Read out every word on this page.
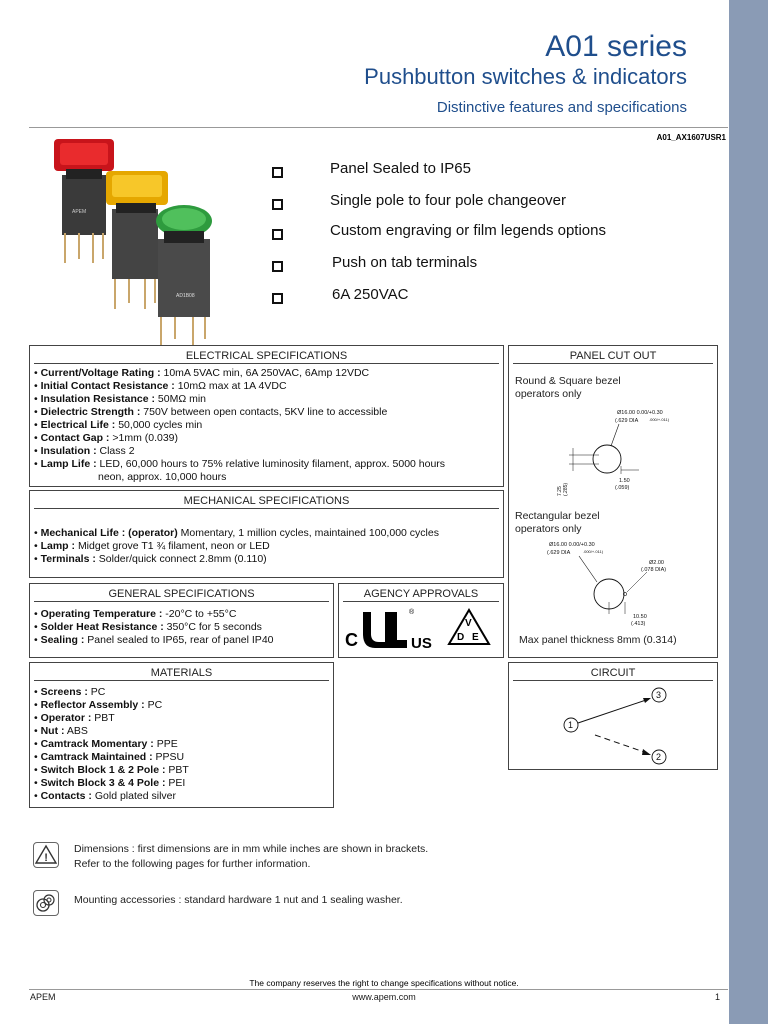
A01 series
Pushbutton switches & indicators
Distinctive features and specifications
A01_AX1607USR1
APEM
AD1B08
Panel Sealed to IP65
Single pole to four pole changeover
Custom engraving or film legends options
Push on tab terminals
6A 250VAC
ELECTRICAL SPECIFICATIONS
• Current/Voltage Rating : 10mA 5VAC min, 6A 250VAC, 6Amp 12VDC
• Initial Contact Resistance : 10mΩ max at 1A 4VDC
• Insulation Resistance : 50MΩ min
• Dielectric Strength : 750V between open contacts, 5KV line to accessible
• Electrical Life : 50,000 cycles min
• Contact Gap : >1mm (0.039)
• Insulation : Class 2
• Lamp Life : LED, 60,000 hours to 75% relative luminosity filament, approx. 5000 hours
neon, approx. 10,000 hours
MECHANICAL SPECIFICATIONS
• Mechanical Life : (operator) Momentary, 1 million cycles, maintained 100,000 cycles
• Lamp : Midget grove T1 ¾ filament, neon or LED
• Terminals : Solder/quick connect 2.8mm (0.110)
GENERAL SPECIFICATIONS
• Operating Temperature : -20°C to +55°C
• Solder Heat Resistance : 350°C for 5 seconds
• Sealing : Panel sealed to IP65, rear of panel IP40
AGENCY APPROVALS
C
®
US
V
D E
MATERIALS
• Screens : PC
• Reflector Assembly : PC
• Operator : PBT
• Nut : ABS
• Camtrack Momentary : PPE
• Camtrack Maintained : PPSU
• Switch Block 1 & 2 Pole : PBT
• Switch Block 3 & 4 Pole : PEI
• Contacts : Gold plated silver
PANEL CUT OUT
Round & Square bezel
operators only
Ø16.00 0.00/+0.30
(.629 DIA	.000/+.011)
7.25 (.285)
1.50
(.059)
Rectangular bezel
operators only
Ø16.00 0.00/+0.30
(.629 DIA	.000/+.011)
Ø2.00
(.078 DIA)
10.50
(.413)
Max panel thickness 8mm (0.314)
CIRCUIT
1
3
2
!
Dimensions : first dimensions are in mm while inches are shown in brackets.
Refer to the following pages for further information.
Mounting accessories : standard hardware 1 nut and 1 sealing washer.
The company reserves the right to change specifications without notice.
APEM	www.apem.com	1
